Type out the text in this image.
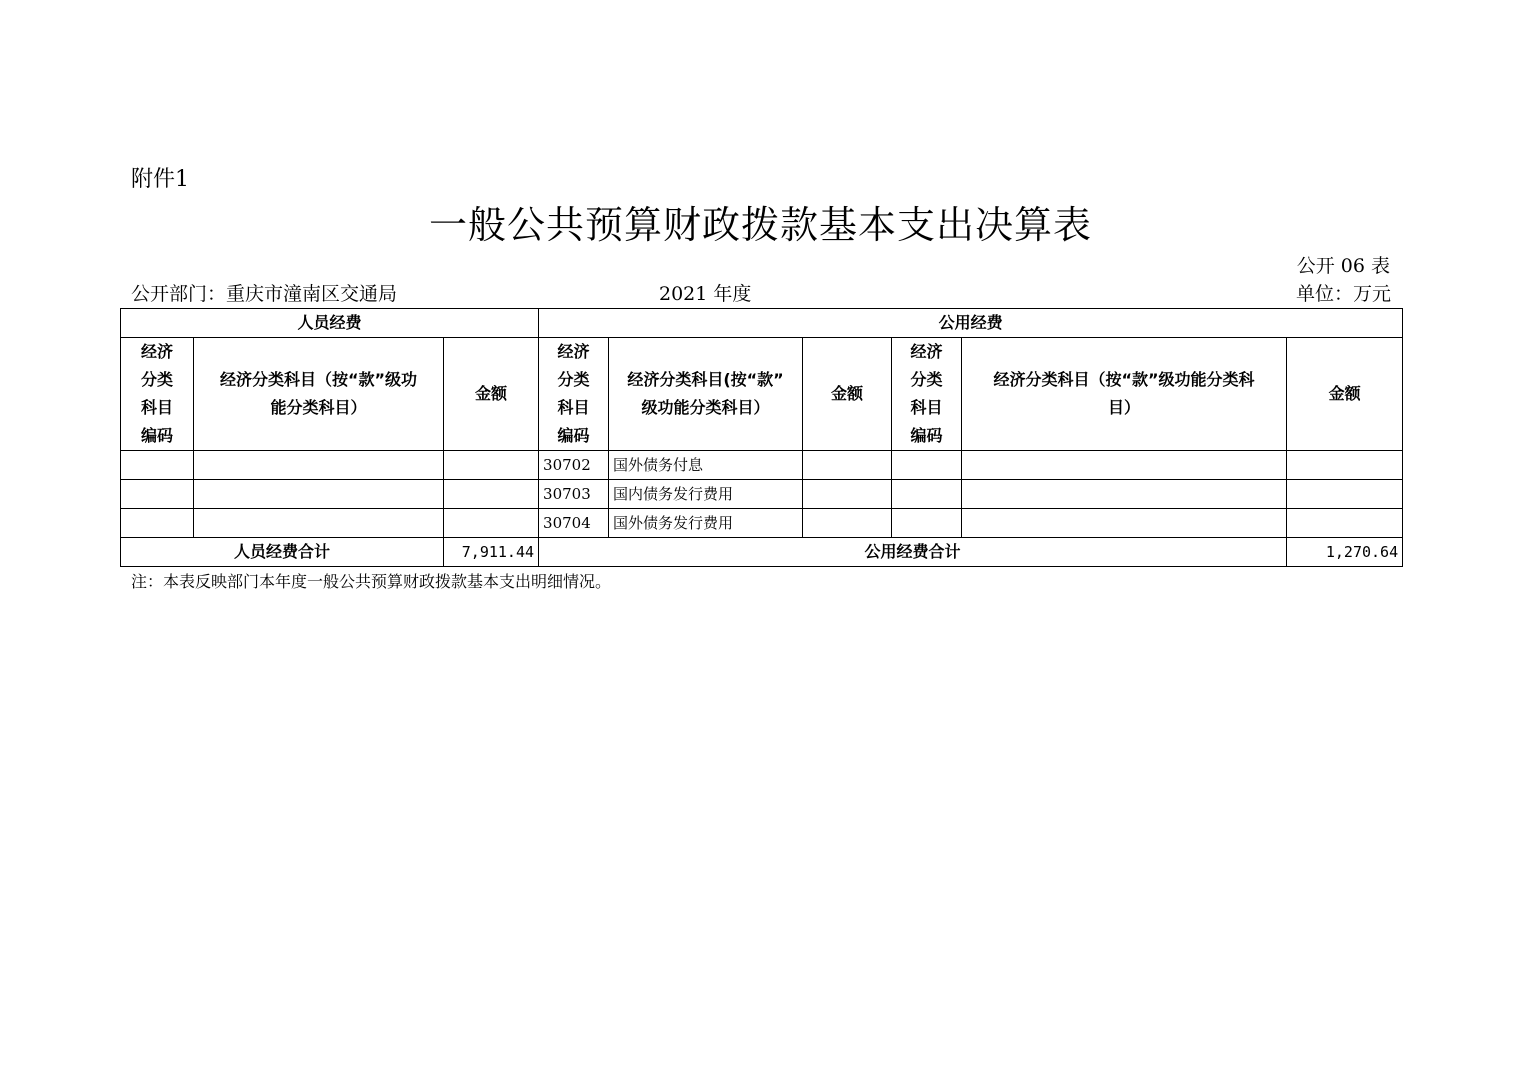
附件1
一般公共预算财政拨款基本支出决算表
公开 06 表
公开部门：重庆市潼南区交通局	2021 年度	单位：万元
人员经费			公用经费					
经济
分类
科目
编码	经济分类科目（按“款”级功
能分类科目）	金额	经济
分类
科目
编码	经济分类科目(按“款”
级功能分类科目）	金额	经济
分类
科目
编码	经济分类科目（按“款”级功能分类科
目）	金额
			30702	国外债务付息				
			30703	国内债务发行费用				
			30704	国外债务发行费用				
人员经费合计		7,911.44	公用经费合计					1,270.64
注：本表反映部门本年度一般公共预算财政拨款基本支出明细情况。
